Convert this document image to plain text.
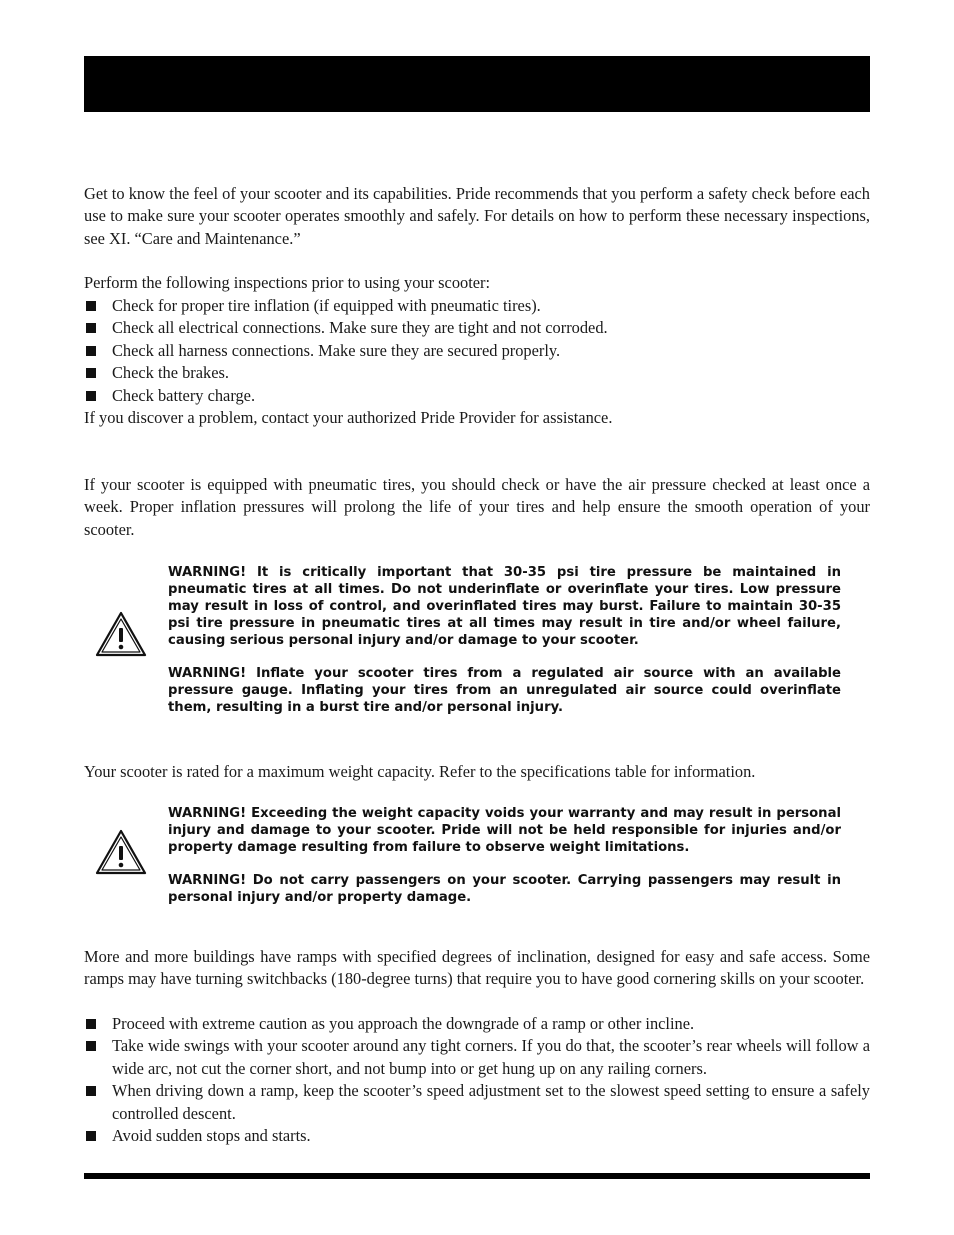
Get to know the feel of your scooter and its capabilities. Pride recommends that you perform a safety check before each use to make sure your scooter operates smoothly and safely. For details on how to perform these necessary inspections, see XI. “Care and Maintenance.”

Perform the following inspections prior to using your scooter:
Check for proper tire inflation (if equipped with pneumatic tires).
Check all electrical connections. Make sure they are tight and not corroded.
Check all harness connections. Make sure they are secured properly.
Check the brakes.
Check battery charge.
If you discover a problem, contact your authorized Pride Provider for assistance.

If your scooter is equipped with pneumatic tires, you should check or have the air pressure checked at least once a week. Proper inflation pressures will prolong the life of your tires and help ensure the smooth operation of your scooter.

WARNING! It is critically important that 30-35 psi tire pressure be maintained in pneumatic tires at all times. Do not underinflate or overinflate your tires. Low pressure may result in loss of control, and overinflated tires may burst. Failure to maintain 30-35 psi tire pressure in pneumatic tires at all times may result in tire and/or wheel failure, causing serious personal injury and/or damage to your scooter.

WARNING! Inflate your scooter tires from a regulated air source with an available pressure gauge. Inflating your tires from an unregulated air source could overinflate them, resulting in a burst tire and/or personal injury.

Your scooter is rated for a maximum weight capacity. Refer to the specifications table for information.

WARNING! Exceeding the weight capacity voids your warranty and may result in personal injury and damage to your scooter. Pride will not be held responsible for injuries and/or property damage resulting from failure to observe weight limitations.

WARNING! Do not carry passengers on your scooter. Carrying passengers may result in personal injury and/or property damage.

More and more buildings have ramps with specified degrees of inclination, designed for easy and safe access. Some ramps may have turning switchbacks (180-degree turns) that require you to have good cornering skills on your scooter.

Proceed with extreme caution as you approach the downgrade of a ramp or other incline.
Take wide swings with your scooter around any tight corners. If you do that, the scooter’s rear wheels will follow a wide arc, not cut the corner short, and not bump into or get hung up on any railing corners.
When driving down a ramp, keep the scooter’s speed adjustment set to the slowest speed setting to ensure a safely controlled descent.
Avoid sudden stops and starts.
